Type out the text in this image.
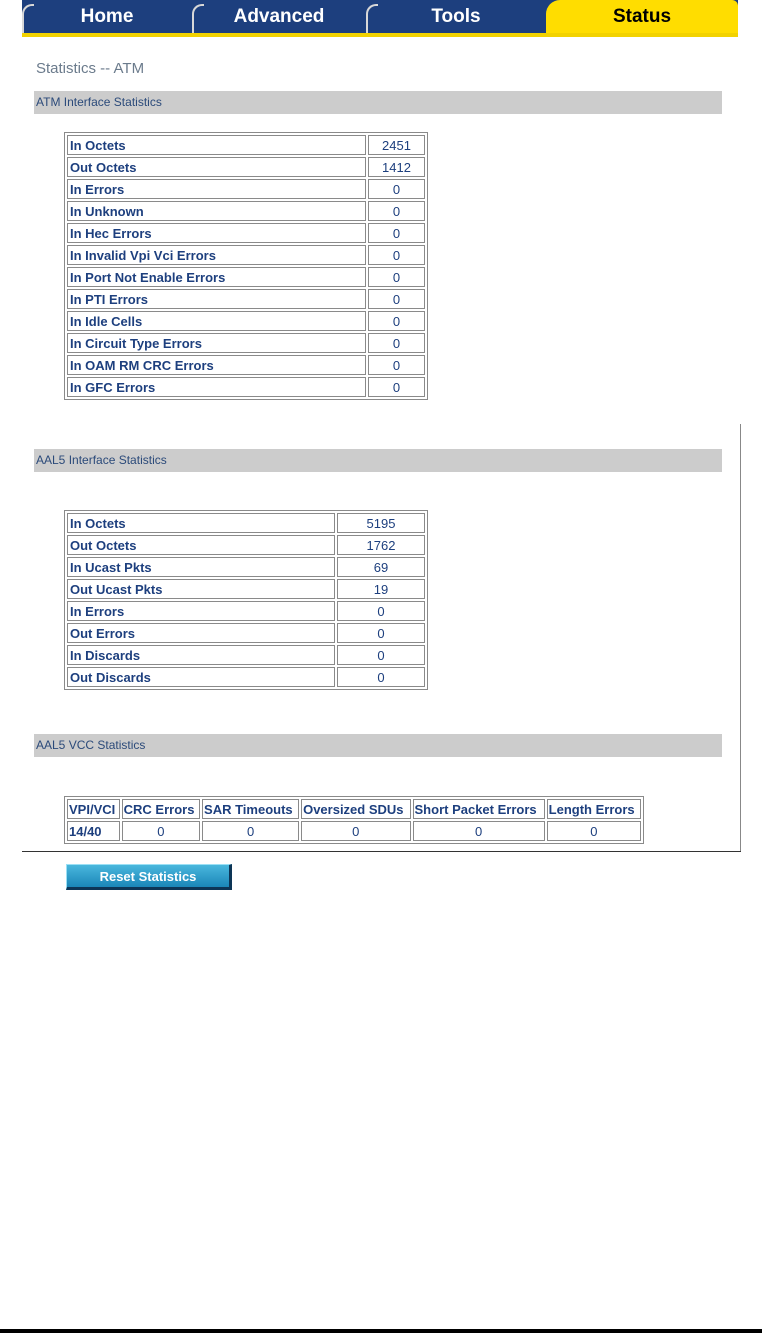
Home	Advanced	Tools	Status
Statistics -- ATM
ATM Interface Statistics
In Octets	2451
Out Octets	1412
In Errors	0
In Unknown	0
In Hec Errors	0
In Invalid Vpi Vci Errors	0
In Port Not Enable Errors	0
In PTI Errors	0
In Idle Cells	0
In Circuit Type Errors	0
In OAM RM CRC Errors	0
In GFC Errors	0
AAL5 Interface Statistics
In Octets	5195
Out Octets	1762
In Ucast Pkts	69
Out Ucast Pkts	19
In Errors	0
Out Errors	0
In Discards	0
Out Discards	0
AAL5 VCC Statistics
VPI/VCI	CRC Errors	SAR Timeouts	Oversized SDUs	Short Packet Errors	Length Errors
14/40	0	0	0	0	0
Reset Statistics
